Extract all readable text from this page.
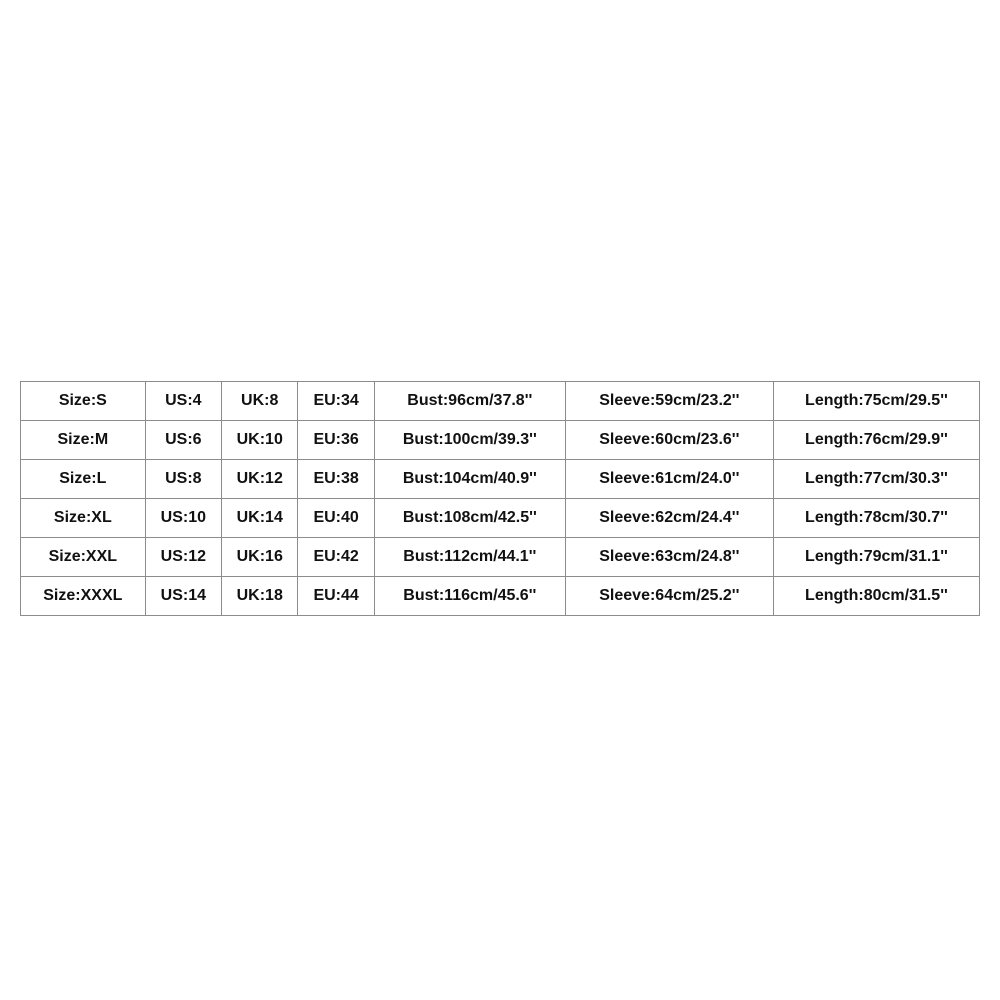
Size:S	US:4	UK:8	EU:34	Bust:96cm/37.8''	Sleeve:59cm/23.2''	Length:75cm/29.5''
Size:M	US:6	UK:10	EU:36	Bust:100cm/39.3''	Sleeve:60cm/23.6''	Length:76cm/29.9''
Size:L	US:8	UK:12	EU:38	Bust:104cm/40.9''	Sleeve:61cm/24.0''	Length:77cm/30.3''
Size:XL	US:10	UK:14	EU:40	Bust:108cm/42.5''	Sleeve:62cm/24.4''	Length:78cm/30.7''
Size:XXL	US:12	UK:16	EU:42	Bust:112cm/44.1''	Sleeve:63cm/24.8''	Length:79cm/31.1''
Size:XXXL	US:14	UK:18	EU:44	Bust:116cm/45.6''	Sleeve:64cm/25.2''	Length:80cm/31.5''
